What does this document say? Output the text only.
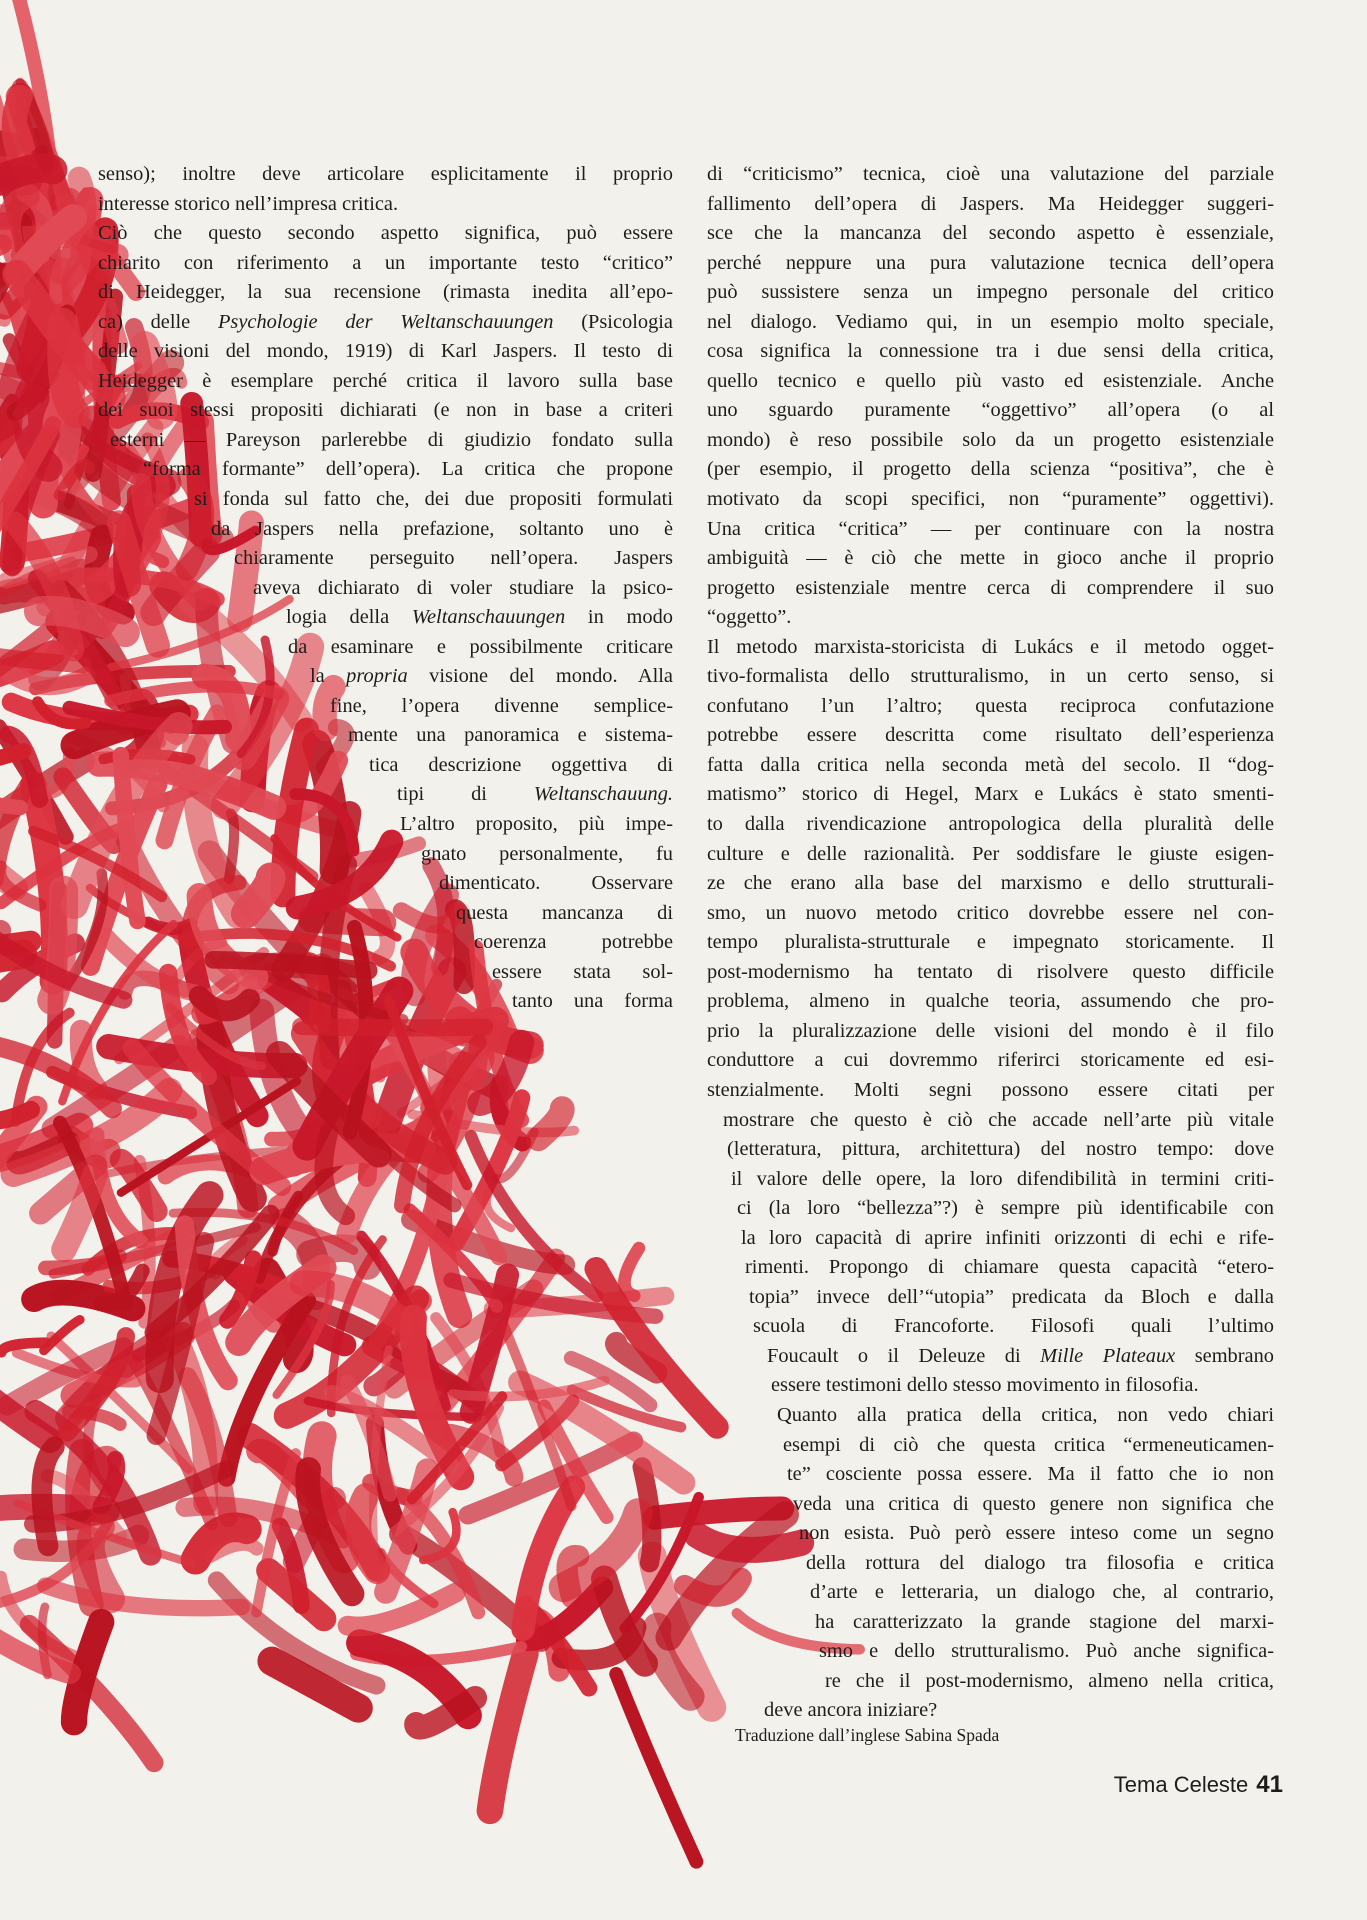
senso); inoltre deve articolare esplicitamente il proprio

interesse storico nell’impresa critica.

Ciò che questo secondo aspetto significa, può essere

chiarito con riferimento a un importante testo “critico”

di Heidegger, la sua recensione (rimasta inedita all’epo-

ca) delle Psychologie der Weltanschauungen (Psicologia

delle visioni del mondo, 1919) di Karl Jaspers. Il testo di

Heidegger è esemplare perché critica il lavoro sulla base

dei suoi stessi propositi dichiarati (e non in base a criteri

esterni — Pareyson parlerebbe di giudizio fondato sulla

“forma formante” dell’opera). La critica che propone

si fonda sul fatto che, dei due propositi formulati

da Jaspers nella prefazione, soltanto uno è

chiaramente perseguito nell’opera. Jaspers

aveva dichiarato di voler studiare la psico-

logia della Weltanschauungen in modo

da esaminare e possibilmente criticare

la propria visione del mondo. Alla

fine, l’opera divenne semplice-

mente una panoramica e sistema-

tica descrizione oggettiva di

tipi di Weltanschauung.

L’altro proposito, più impe-

gnato personalmente, fu

dimenticato. Osservare

questa mancanza di

coerenza potrebbe

essere stata sol-

tanto una forma

di “criticismo” tecnica, cioè una valutazione del parziale

fallimento dell’opera di Jaspers. Ma Heidegger suggeri-

sce che la mancanza del secondo aspetto è essenziale,

perché neppure una pura valutazione tecnica dell’opera

può sussistere senza un impegno personale del critico

nel dialogo. Vediamo qui, in un esempio molto speciale,

cosa significa la connessione tra i due sensi della critica,

quello tecnico e quello più vasto ed esistenziale. Anche

uno sguardo puramente “oggettivo” all’opera (o al

mondo) è reso possibile solo da un progetto esistenziale

(per esempio, il progetto della scienza “positiva”, che è

motivato da scopi specifici, non “puramente” oggettivi).

Una critica “critica” — per continuare con la nostra

ambiguità — è ciò che mette in gioco anche il proprio

progetto esistenziale mentre cerca di comprendere il suo

“oggetto”.

Il metodo marxista-storicista di Lukács e il metodo ogget-

tivo-formalista dello strutturalismo, in un certo senso, si

confutano l’un l’altro; questa reciproca confutazione

potrebbe essere descritta come risultato dell’esperienza

fatta dalla critica nella seconda metà del secolo. Il “dog-

matismo” storico di Hegel, Marx e Lukács è stato smenti-

to dalla rivendicazione antropologica della pluralità delle

culture e delle razionalità. Per soddisfare le giuste esigen-

ze che erano alla base del marxismo e dello strutturali-

smo, un nuovo metodo critico dovrebbe essere nel con-

tempo pluralista-strutturale e impegnato storicamente. Il

post-modernismo ha tentato di risolvere questo difficile

problema, almeno in qualche teoria, assumendo che pro-

prio la pluralizzazione delle visioni del mondo è il filo

conduttore a cui dovremmo riferirci storicamente ed esi-

stenzialmente. Molti segni possono essere citati per

mostrare che questo è ciò che accade nell’arte più vitale

(letteratura, pittura, architettura) del nostro tempo: dove

il valore delle opere, la loro difendibilità in termini criti-

ci (la loro “bellezza”?) è sempre più identificabile con

la loro capacità di aprire infiniti orizzonti di echi e rife-

rimenti. Propongo di chiamare questa capacità “etero-

topia” invece dell’“utopia” predicata da Bloch e dalla

scuola di Francoforte. Filosofi quali l’ultimo

Foucault o il Deleuze di Mille Plateaux sembrano

essere testimoni dello stesso movimento in filosofia.

Quanto alla pratica della critica, non vedo chiari

esempi di ciò che questa critica “ermeneuticamen-

te” cosciente possa essere. Ma il fatto che io non

veda una critica di questo genere non significa che

non esista. Può però essere inteso come un segno

della rottura del dialogo tra filosofia e critica

d’arte e letteraria, un dialogo che, al contrario,

ha caratterizzato la grande stagione del marxi-

smo e dello strutturalismo. Può anche significa-

re che il post-modernismo, almeno nella critica,

deve ancora iniziare?

Traduzione dall’inglese Sabina Spada
Tema Celeste 41
